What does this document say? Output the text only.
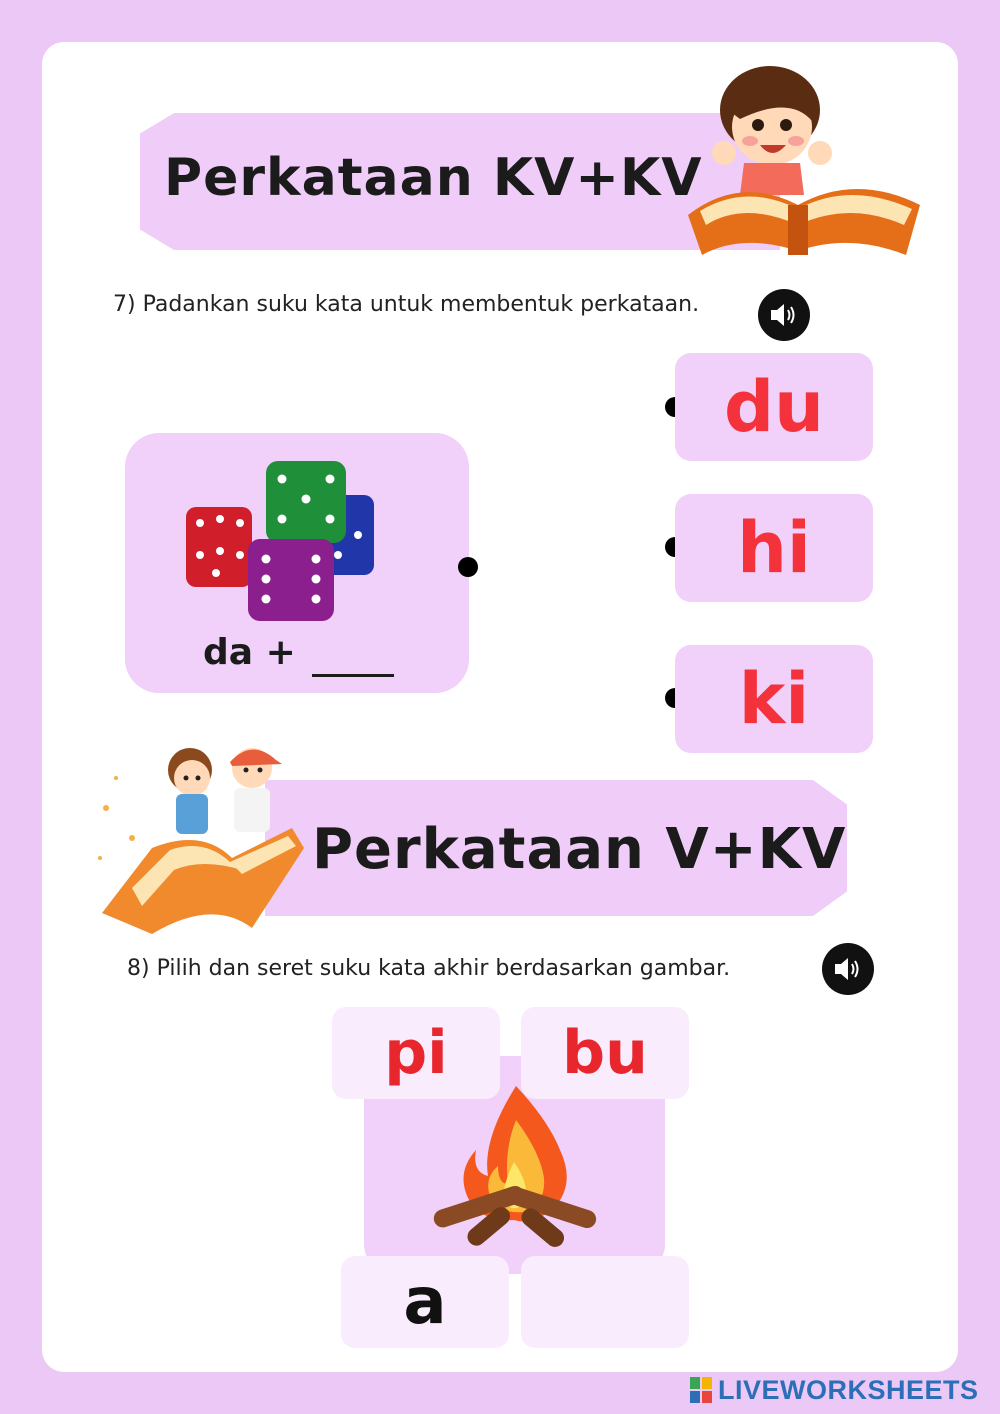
Perkataan KV+KV
7) Padankan suku kata untuk membentuk perkataan.
da +
du
hi
ki
Perkataan V+KV
8) Pilih dan seret suku kata akhir berdasarkan gambar.
pi	bu
a
LIVEWORKSHEETS
